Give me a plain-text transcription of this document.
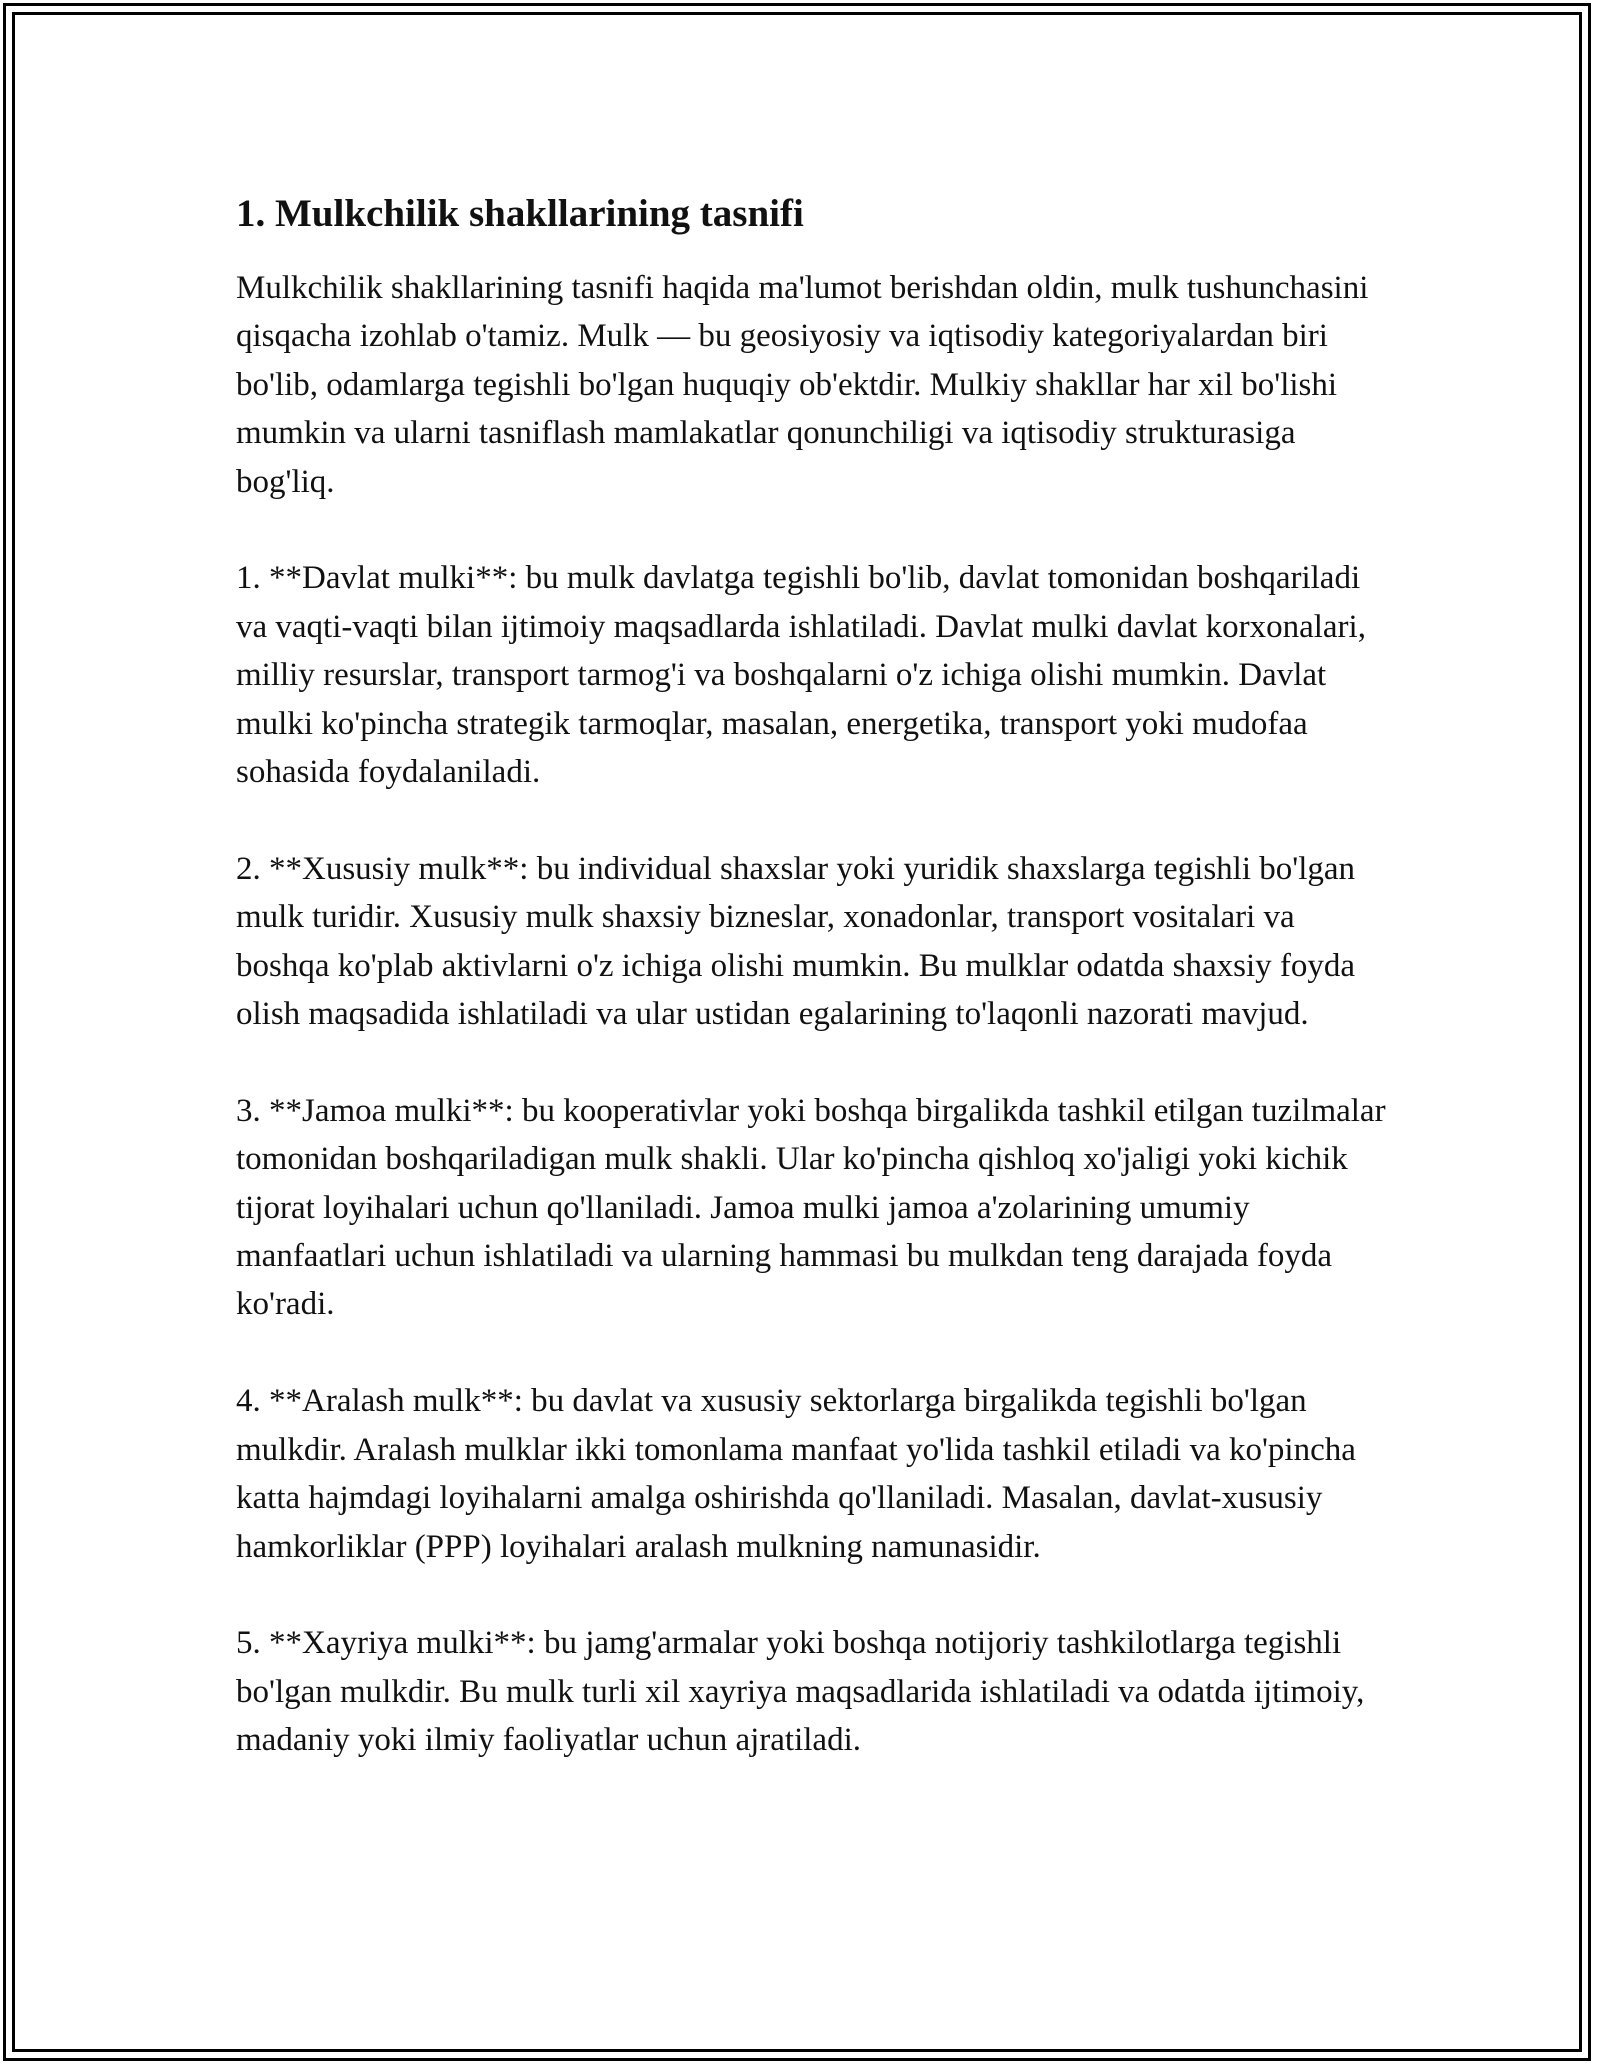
1. Mulkchilik shakllarining tasnifi

Mulkchilik shakllarining tasnifi haqida ma'lumot berishdan oldin, mulk tushunchasini qisqacha izohlab o'tamiz. Mulk — bu geosiyosiy va iqtisodiy kategoriyalardan biri bo'lib, odamlarga tegishli bo'lgan huquqiy ob'ektdir. Mulkiy shakllar har xil bo'lishi mumkin va ularni tasniflash mamlakatlar qonunchiligi va iqtisodiy strukturasiga bog'liq.

1. **Davlat mulki**: bu mulk davlatga tegishli bo'lib, davlat tomonidan boshqariladi va vaqti-vaqti bilan ijtimoiy maqsadlarda ishlatiladi. Davlat mulki davlat korxonalari, milliy resurslar, transport tarmog'i va boshqalarni o'z ichiga olishi mumkin. Davlat mulki ko'pincha strategik tarmoqlar, masalan, energetika, transport yoki mudofaa sohasida foydalaniladi.

2. **Xususiy mulk**: bu individual shaxslar yoki yuridik shaxslarga tegishli bo'lgan mulk turidir. Xususiy mulk shaxsiy bizneslar, xonadonlar, transport vositalari va boshqa ko'plab aktivlarni o'z ichiga olishi mumkin. Bu mulklar odatda shaxsiy foyda olish maqsadida ishlatiladi va ular ustidan egalarining to'laqonli nazorati mavjud.

3. **Jamoa mulki**: bu kooperativlar yoki boshqa birgalikda tashkil etilgan tuzilmalar tomonidan boshqariladigan mulk shakli. Ular ko'pincha qishloq xo'jaligi yoki kichik tijorat loyihalari uchun qo'llaniladi. Jamoa mulki jamoa a'zolarining umumiy manfaatlari uchun ishlatiladi va ularning hammasi bu mulkdan teng darajada foyda ko'radi.

4. **Aralash mulk**: bu davlat va xususiy sektorlarga birgalikda tegishli bo'lgan mulkdir. Aralash mulklar ikki tomonlama manfaat yo'lida tashkil etiladi va ko'pincha katta hajmdagi loyihalarni amalga oshirishda qo'llaniladi. Masalan, davlat-xususiy hamkorliklar (PPP) loyihalari aralash mulkning namunasidir.

5. **Xayriya mulki**: bu jamg'armalar yoki boshqa notijoriy tashkilotlarga tegishli bo'lgan mulkdir. Bu mulk turli xil xayriya maqsadlarida ishlatiladi va odatda ijtimoiy, madaniy yoki ilmiy faoliyatlar uchun ajratiladi.
